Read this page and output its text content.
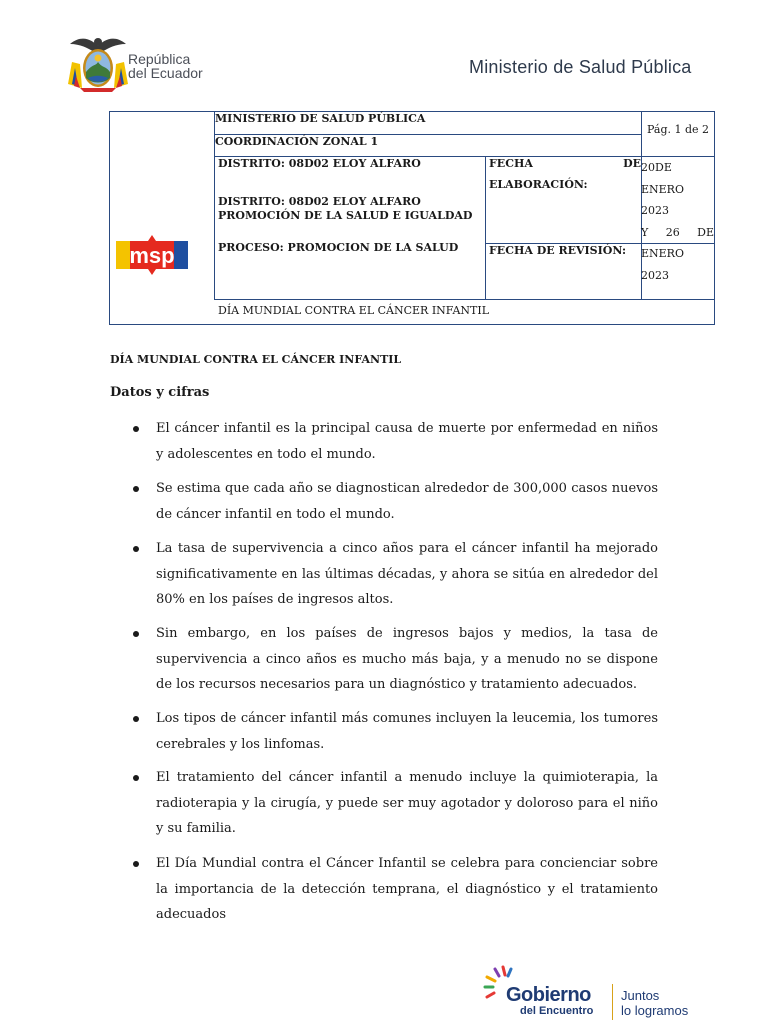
República
del Ecuador	Ministerio de Salud Pública
msp
MINISTERIO DE SALUD PÚBLICA
COORDINACIÓN ZONAL 1
Pág. 1 de 2
DISTRITO: 08D02 ELOY ALFARO
DISTRITO: 08D02 ELOY ALFARO
PROMOCIÓN DE LA SALUD E IGUALDAD
PROCESO: PROMOCION DE LA SALUD
FECHA	DE
ELABORACIÓN:
20DE
ENERO 2023
Y 26 DE
ENERO 2023
FECHA DE REVISIÓN:
DÍA MUNDIAL CONTRA EL CÁNCER INFANTIL
DÍA MUNDIAL CONTRA EL CÁNCER INFANTIL
Datos y cifras
El cáncer infantil es la principal causa de muerte por enfermedad en niños y adolescentes en todo el mundo.
Se estima que cada año se diagnostican alrededor de 300,000 casos nuevos de cáncer infantil en todo el mundo.
La tasa de supervivencia a cinco años para el cáncer infantil ha mejorado significativamente en las últimas décadas, y ahora se sitúa en alrededor del 80% en los países de ingresos altos.
Sin embargo, en los países de ingresos bajos y medios, la tasa de supervivencia a cinco años es mucho más baja, y a menudo no se dispone de los recursos necesarios para un diagnóstico y tratamiento adecuados.
Los tipos de cáncer infantil más comunes incluyen la leucemia, los tumores cerebrales y los linfomas.
El tratamiento del cáncer infantil a menudo incluye la quimioterapia, la radioterapia y la cirugía, y puede ser muy agotador y doloroso para el niño y su familia.
El Día Mundial contra el Cáncer Infantil se celebra para concienciar sobre la importancia de la detección temprana, el diagnóstico y el tratamiento adecuados
Gobierno
del Encuentro
Juntos
lo logramos
